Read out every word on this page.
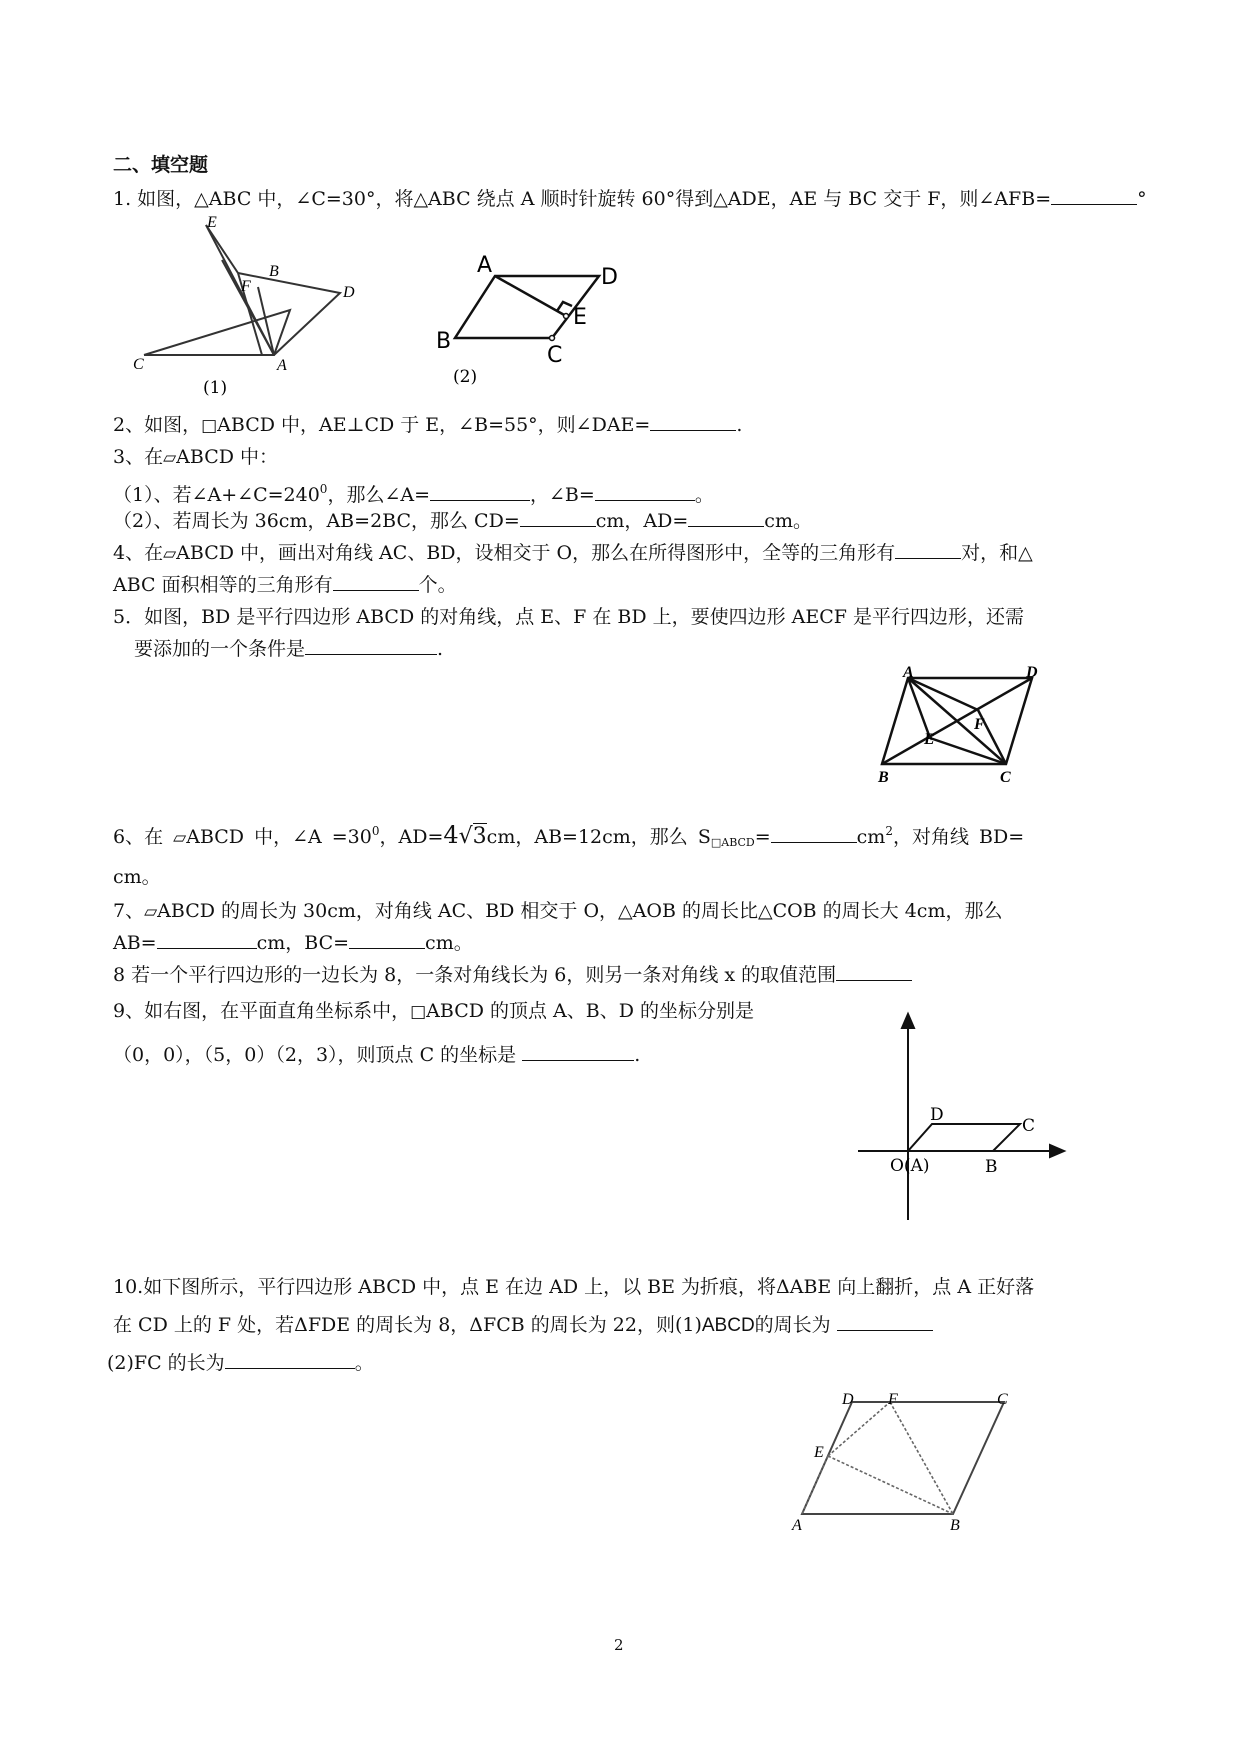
二、填空题
1. 如图，△ABC 中，∠C=30°，将△ABC 绕点 A 顺时针旋转 60°得到△ADE，AE 与 BC 交于 F，则∠AFB=	°
E
B
F	D
C	A
(1)
A	D
E
B
C
(2)
2、如图，□ABCD 中，AE⊥CD 于 E，∠B=55°，则∠DAE=	.
3、在▱ABCD 中：
（1）、若$\angle A+\angle C=240^0$，那么∠A=	，∠B=	。
（2）、若周长为 36cm，AB=2BC，那么 CD=	cm，AD=	cm。
4、在▱ABCD 中，画出对角线 AC、BD，设相交于 O，那么在所得图形中，全等的三角形有	对，和△
ABC 面积相等的三角形有	个。
5．如图，BD 是平行四边形 ABCD 的对角线，点 E、F 在 BD 上，要使四边形 AECF 是平行四边形，还需
要添加的一个条件是	.
A	D
F
E
B	C
6、在 ▱ABCD 中，∠A $=30^0$，AD=4√3cm，AB=12cm，那么 $S_{□ABCD}=$	$cm^2$，对角线 BD=
cm。
7、▱ABCD 的周长为 30cm，对角线 AC、BD 相交于 O，△AOB 的周长比△COB 的周长大 4cm，那么
AB=	cm，BC=	cm。
8 若一个平行四边形的一边长为 8，一条对角线长为 6，则另一条对角线 x 的取值范围
9、如右图，在平面直角坐标系中，□ABCD 的顶点 A、B、D 的坐标分别是
（0，0），（5，0）（2，3），则顶点 C 的坐标是	.
D
C
O(A)	B
10.如下图所示，平行四边形 ABCD 中，点 E 在边 AD 上，以 BE 为折痕，将ΔABE 向上翻折，点 A 正好落
在 CD 上的 F 处，若ΔFDE 的周长为 8，ΔFCB 的周长为 22，则(1)ABCD的周长为
(2)FC 的长为	。
D F	C
E
A	B
2
